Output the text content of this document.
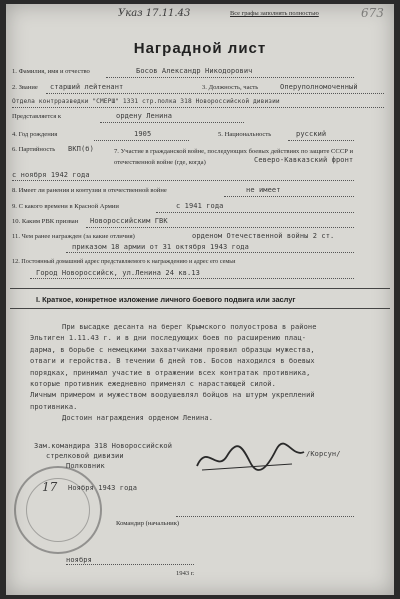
Указ 17.11.43	Все графы заполнять полностью	673
Наградной лист
1. Фамилия, имя и отчество	Босов Александр Никодорович
2. Звание старший лейтенант	3. Должность, часть	Оперуполномоченный
Отдела контрразведки "СМЕРШ" 1331 стр.полка 318 Новороссийской дивизии
Представляется к	ордену Ленина
4. Год рождения	1905	5. Национальность	русский
6. Партийность ВКП(б)	7. Участие в гражданской войне, последующих боевых действиях по защите СССР и отечественной войне (где, когда)	Северо-Кавказский фронт
с ноября 1942 года
8. Имеет ли ранения и контузии в отечественной войне	не имеет
9. С какого времени в Красной Армии	с 1941 года
10. Каким РВК призван Новороссийским ГВК
11. Чем ранее награжден (за какие отличия)	орденом Отечественной войны 2 ст.
приказом 18 армии от 31 октября 1943 года
12. Постоянный домашний адрес представляемого к награждению и адрес его семьи
Город Новороссийск, ул.Ленина 24 кв.13
I. Краткое, конкретное изложение личного боевого подвига или заслуг
При высадке десанта на берег Крымского полуострова в районе
Эльтиген 1.11.43 г. и в дни последующих боев по расширению плац-
дарма, в борьбе с немецкими захватчиками проявил образцы мужества,
отваги и геройства. В течении 6 дней тов. Босов находился в боевых
порядках, принимал участие в отражении всех контратак противника,
которые противник ежедневно применял с нарастающей силой.
Личным примером и мужеством воодушевлял бойцов на штурм укреплений
противника.
Достоин награждения орденом Ленина.
Зам.командира 318 Новороссийской
стрелковой дивизии
Полковник
/Корсун/
17 Ноября 1943 года
Командир (начальник)
ноября
1943 г.
